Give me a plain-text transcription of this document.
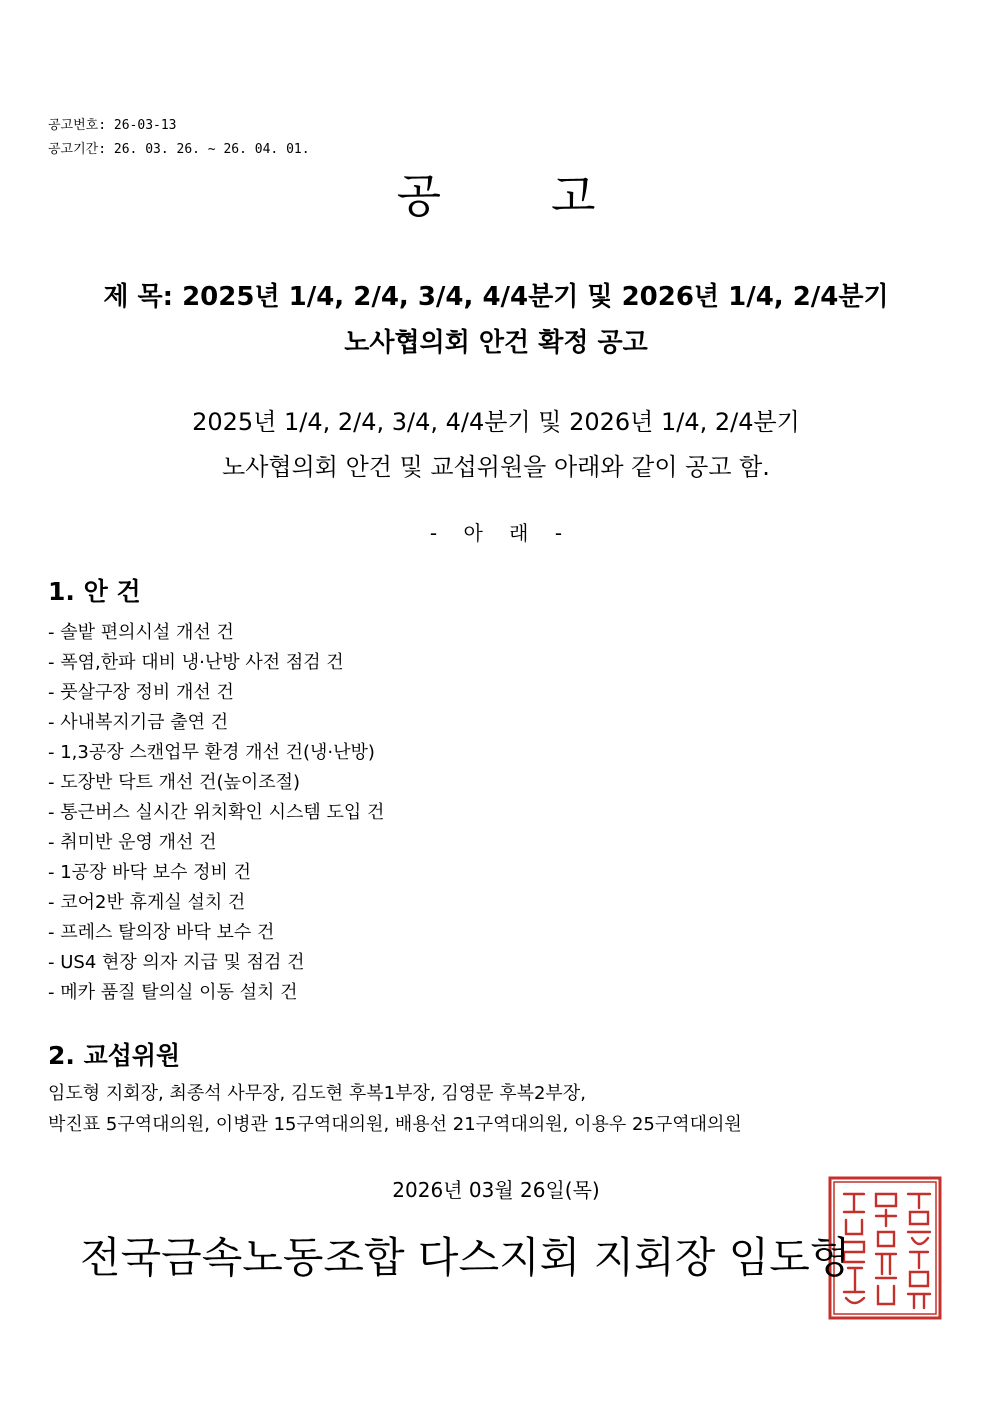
공고번호: 26-03-13
공고기간: 26. 03. 26. ~ 26. 04. 01.
공고
제 목: 2025년 1/4, 2/4, 3/4, 4/4분기 및 2026년 1/4, 2/4분기
노사협의회 안건 확정 공고
2025년 1/4, 2/4, 3/4, 4/4분기 및 2026년 1/4, 2/4분기
노사협의회 안건 및 교섭위원을 아래와 같이 공고 함.
- 아 래 -
1. 안 건
- 솔밭 편의시설 개선 건
- 폭염,한파 대비 냉·난방 사전 점검 건
- 풋살구장 정비 개선 건
- 사내복지기금 출연 건
- 1,3공장 스캔업무 환경 개선 건(냉·난방)
- 도장반 닥트 개선 건(높이조절)
- 통근버스 실시간 위치확인 시스템 도입 건
- 취미반 운영 개선 건
- 1공장 바닥 보수 정비 건
- 코어2반 휴게실 설치 건
- 프레스 탈의장 바닥 보수 건
- US4 현장 의자 지급 및 점검 건
- 메카 품질 탈의실 이동 설치 건
2. 교섭위원
임도형 지회장, 최종석 사무장, 김도현 후복1부장, 김영문 후복2부장,
박진표 5구역대의원, 이병관 15구역대의원, 배용선 21구역대의원, 이용우 25구역대의원
2026년 03월 26일(목)
전국금속노동조합 다스지회 지회장 임도형
